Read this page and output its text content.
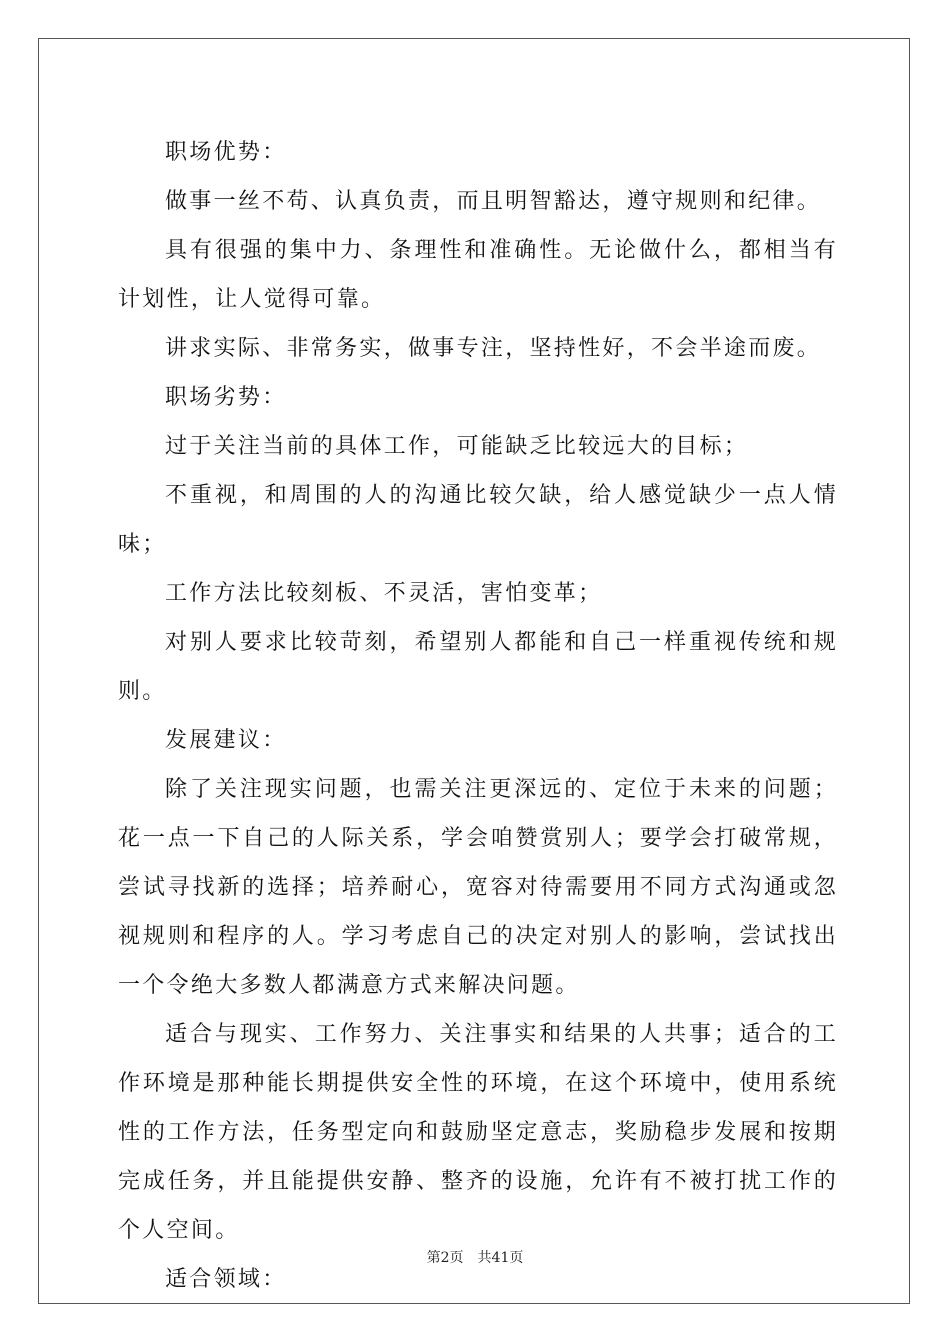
职场优势：

做事一丝不苟、认真负责，而且明智豁达，遵守规则和纪律。

具有很强的集中力、条理性和准确性。无论做什么，都相当有计划性，让人觉得可靠。

讲求实际、非常务实，做事专注，坚持性好，不会半途而废。

职场劣势：

过于关注当前的具体工作，可能缺乏比较远大的目标；

不重视，和周围的人的沟通比较欠缺，给人感觉缺少一点人情味；

工作方法比较刻板、不灵活，害怕变革；

对别人要求比较苛刻，希望别人都能和自己一样重视传统和规则。

发展建议：

除了关注现实问题，也需关注更深远的、定位于未来的问题；花一点一下自己的人际关系，学会咱赞赏别人；要学会打破常规，尝试寻找新的选择；培养耐心，宽容对待需要用不同方式沟通或忽视规则和程序的人。学习考虑自己的决定对别人的影响，尝试找出一个令绝大多数人都满意方式来解决问题。

适合与现实、工作努力、关注事实和结果的人共事；适合的工作环境是那种能长期提供安全性的环境，在这个环境中，使用系统性的工作方法，任务型定向和鼓励坚定意志，奖励稳步发展和按期完成任务，并且能提供安静、整齐的设施，允许有不被打扰工作的个人空间。

适合领域：

第2页 共41页
